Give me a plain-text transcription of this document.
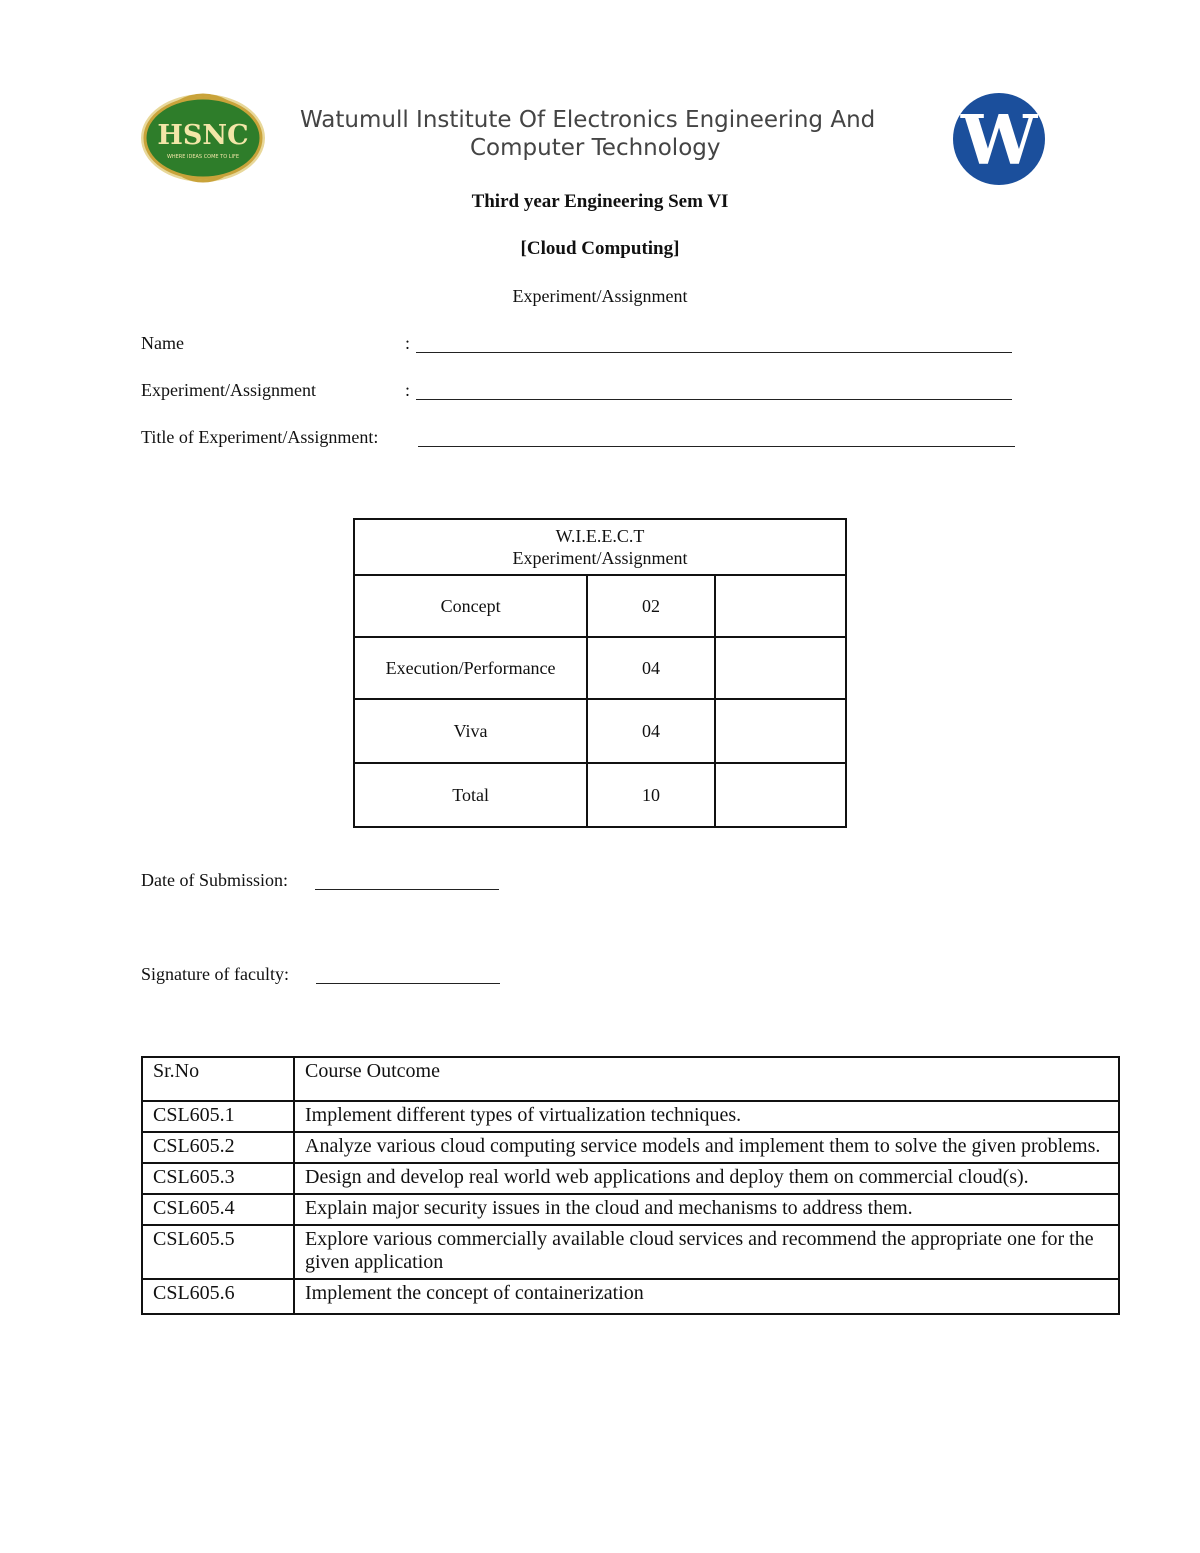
HSNC
WHERE IDEAS COME TO LIFE
Watumull Institute Of Electronics Engineering And
Computer Technology	W
Third year Engineering Sem VI
[Cloud Computing]
Experiment/Assignment
Name	:
Experiment/Assignment	:
Title of Experiment/Assignment:
W.I.E.E.C.T
Experiment/Assignment		
Concept	02	
Execution/Performance	04	
Viva	04	
Total	10	
Date of Submission:
Signature of faculty:
Sr.No	Course Outcome
CSL605.1	Implement different types of virtualization techniques.
CSL605.2	Analyze various cloud computing service models and implement them to solve the given problems.
CSL605.3	Design and develop real world web applications and deploy them on commercial cloud(s).
CSL605.4	Explain major security issues in the cloud and mechanisms to address them.
CSL605.5	Explore various commercially available cloud services and recommend the appropriate one for the given application
CSL605.6	Implement the concept of containerization
